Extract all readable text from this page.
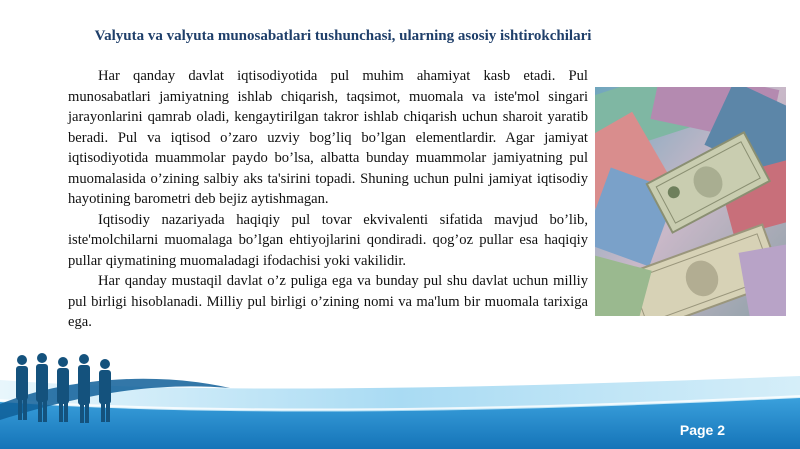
Valyuta va valyuta munosabatlari tushunchasi, ularning asosiy ishtirokchilari

Har qanday davlat iqtisodiyotida pul muhim ahamiyat kasb etadi. Pul munosabatlari jamiyatning ishlab chiqarish, taqsimot, muomala va iste'mol singari jarayonlarini qamrab oladi, kengaytirilgan takror ishlab chiqarish uchun sharoit yaratib beradi. Pul va iqtisod o’zaro uzviy bog’liq bo’lgan elementlardir. Agar jamiyat iqtisodiyotida muammolar paydo bo’lsa, albatta bunday muammolar jamiyatning pul muomalasida o’zining salbiy aks ta'sirini topadi. Shuning uchun pulni jamiyat iqtisodiy hayotining barometri deb bejiz aytishmagan.

Iqtisodiy nazariyada haqiqiy pul tovar ekvivalenti sifatida mavjud bo’lib, iste'molchilarni muomalaga bo’lgan ehtiyojlarini qondiradi. qog’oz pullar esa haqiqiy pullar qiymatining muomaladagi ifodachisi yoki vakilidir.

Har qanday mustaqil davlat o’z puliga ega va bunday pul shu davlat uchun milliy pul birligi hisoblanadi. Milliy pul birligi o’zining nomi va ma'lum bir muomala tarixiga ega.

Page 2
